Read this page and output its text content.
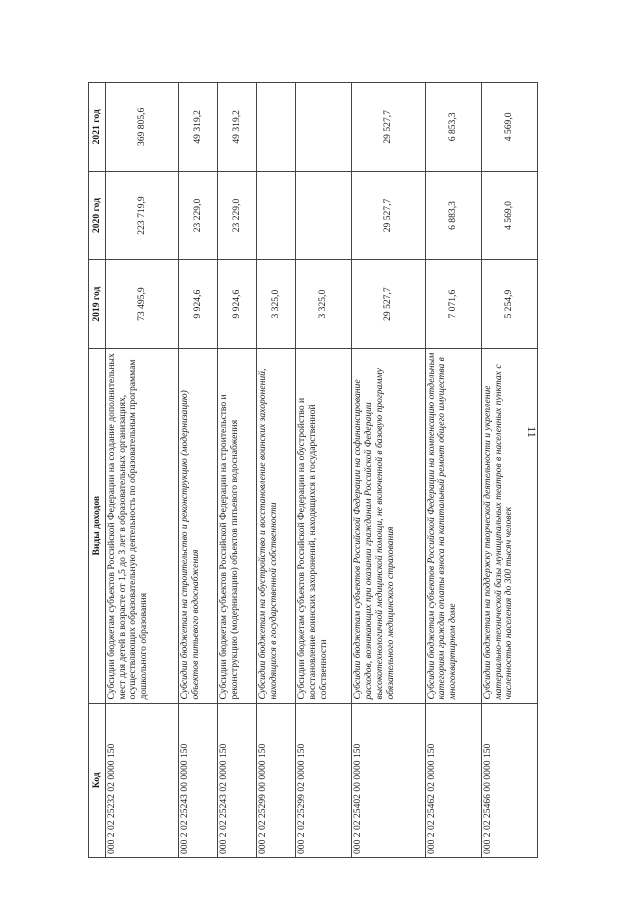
11
Код	Виды доходов	2019 год	2020 год	2021 год
000 2 02 25232 02 0000 150	Субсидии бюджетам субъектов Российской Федерации на создание дополнительных мест для детей в возрасте от 1,5 до 3 лет в образовательных организациях, осуществляющих образовательную деятельность по образовательным программам дошкольного образования	73 495,9	223 719,9	369 805,6
000 2 02 25243 00 0000 150	Субсидии бюджетам на строительство и реконструкцию (модернизацию) объектов питьевого водоснабжения	9 924,6	23 229,0	49 319,2
000 2 02 25243 02 0000 150	Субсидии бюджетам субъектов Российской Федерации на строительство и реконструкцию (модернизацию) объектов питьевого водоснабжения	9 924,6	23 229,0	49 319,2
000 2 02 25299 00 0000 150	Субсидии бюджетам на обустройство и восстановление воинских захоронений, находящихся в государственной собственности	3 325,0		
000 2 02 25299 02 0000 150	Субсидии бюджетам субъектов Российской Федерации на обустройство и восстановление воинских захоронений, находящихся в государственной собственности	3 325,0		
000 2 02 25402 00 0000 150	Субсидии бюджетам субъектов Российской Федерации на софинансирование расходов, возникающих при оказании гражданам Российской Федерации высокотехнологичной медицинской помощи, не включенной в базовую программу обязательного медицинского страхования	29 527,7	29 527,7	29 527,7
000 2 02 25462 02 0000 150	Субсидии бюджетам субъектов Российской Федерации на компенсацию отдельным категориям граждан оплаты взноса на капитальный ремонт общего имущества в многоквартирном доме	7 071,6	6 883,3	6 853,3
000 2 02 25466 00 0000 150	Субсидии бюджетам на поддержку творческой деятельности и укрепление материально-технической базы муниципальных театров в населенных пунктах с численностью населения до 300 тысяч человек	5 254,9	4 569,0	4 569,0
